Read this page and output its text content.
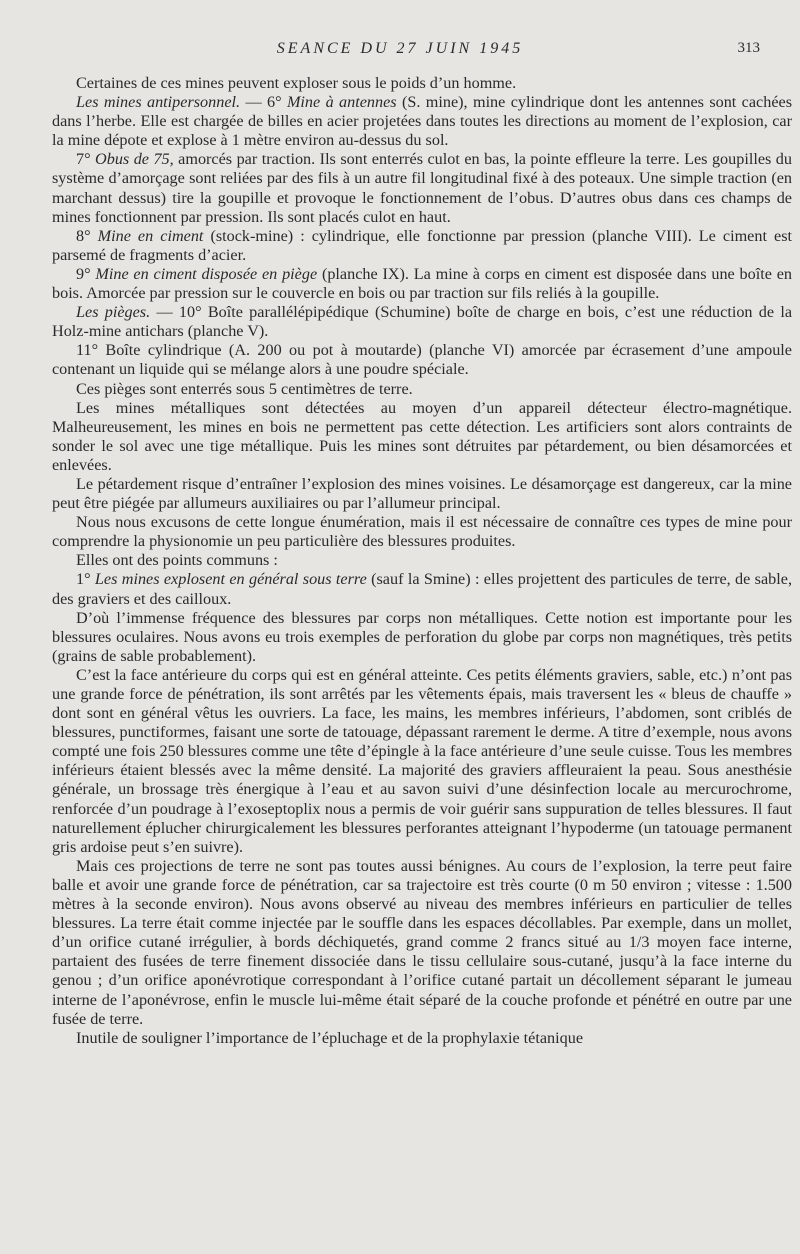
SEANCE DU 27 JUIN 1945	313

Certaines de ces mines peuvent exploser sous le poids d’un homme.

Les mines antipersonnel. — 6° Mine à antennes (S. mine), mine cylindrique dont les antennes sont cachées dans l’herbe. Elle est chargée de billes en acier projetées dans toutes les directions au moment de l’explosion, car la mine dépote et explose à 1 mètre environ au-dessus du sol.

7° Obus de 75, amorcés par traction. Ils sont enterrés culot en bas, la pointe effleure la terre. Les goupilles du système d’amorçage sont reliées par des fils à un autre fil longitudinal fixé à des poteaux. Une simple traction (en marchant dessus) tire la goupille et provoque le fonctionnement de l’obus. D’autres obus dans ces champs de mines fonctionnent par pression. Ils sont placés culot en haut.

8° Mine en ciment (stock-mine) : cylindrique, elle fonctionne par pression (planche VIII). Le ciment est parsemé de fragments d’acier.

9° Mine en ciment disposée en piège (planche IX). La mine à corps en ciment est disposée dans une boîte en bois. Amorcée par pression sur le couvercle en bois ou par traction sur fils reliés à la goupille.

Les pièges. — 10° Boîte parallélépipédique (Schumine) boîte de charge en bois, c’est une réduction de la Holz-mine antichars (planche V).

11° Boîte cylindrique (A. 200 ou pot à moutarde) (planche VI) amorcée par écrasement d’une ampoule contenant un liquide qui se mélange alors à une poudre spéciale.

Ces pièges sont enterrés sous 5 centimètres de terre.

Les mines métalliques sont détectées au moyen d’un appareil détecteur électro-magnétique. Malheureusement, les mines en bois ne permettent pas cette détection. Les artificiers sont alors contraints de sonder le sol avec une tige métallique. Puis les mines sont détruites par pétardement, ou bien désamorcées et enlevées.

Le pétardement risque d’entraîner l’explosion des mines voisines. Le désamorçage est dangereux, car la mine peut être piégée par allumeurs auxiliaires ou par l’allumeur principal.

Nous nous excusons de cette longue énumération, mais il est nécessaire de connaître ces types de mine pour comprendre la physionomie un peu particulière des blessures produites.

Elles ont des points communs :

1° Les mines explosent en général sous terre (sauf la Smine) : elles projettent des particules de terre, de sable, des graviers et des cailloux.

D’où l’immense fréquence des blessures par corps non métalliques. Cette notion est importante pour les blessures oculaires. Nous avons eu trois exemples de perforation du globe par corps non magnétiques, très petits (grains de sable probablement).

C’est la face antérieure du corps qui est en général atteinte. Ces petits éléments graviers, sable, etc.) n’ont pas une grande force de pénétration, ils sont arrêtés par les vêtements épais, mais traversent les « bleus de chauffe » dont sont en général vêtus les ouvriers. La face, les mains, les membres inférieurs, l’abdomen, sont criblés de blessures, punctiformes, faisant une sorte de tatouage, dépassant rarement le derme. A titre d’exemple, nous avons compté une fois 250 blessures comme une tête d’épingle à la face antérieure d’une seule cuisse. Tous les membres inférieurs étaient blessés avec la même densité. La majorité des graviers affleuraient la peau. Sous anesthésie générale, un brossage très énergique à l’eau et au savon suivi d’une désinfection locale au mercurochrome, renforcée d’un poudrage à l’exoseptoplix nous a permis de voir guérir sans suppuration de telles blessures. Il faut naturellement éplucher chirurgicalement les blessures perforantes atteignant l’hypoderme (un tatouage permanent gris ardoise peut s’en suivre).

Mais ces projections de terre ne sont pas toutes aussi bénignes. Au cours de l’explosion, la terre peut faire balle et avoir une grande force de pénétration, car sa trajectoire est très courte (0 m 50 environ ; vitesse : 1.500 mètres à la seconde environ). Nous avons observé au niveau des membres inférieurs en particulier de telles blessures. La terre était comme injectée par le souffle dans les espaces décollables. Par exemple, dans un mollet, d’un orifice cutané irrégulier, à bords déchiquetés, grand comme 2 francs situé au 1/3 moyen face interne, partaient des fusées de terre finement dissociée dans le tissu cellulaire sous-cutané, jusqu’à la face interne du genou ; d’un orifice aponévrotique correspondant à l’orifice cutané partait un décollement séparant le jumeau interne de l’aponévrose, enfin le muscle lui-même était séparé de la couche profonde et pénétré en outre par une fusée de terre.

Inutile de souligner l’importance de l’épluchage et de la prophylaxie tétanique
